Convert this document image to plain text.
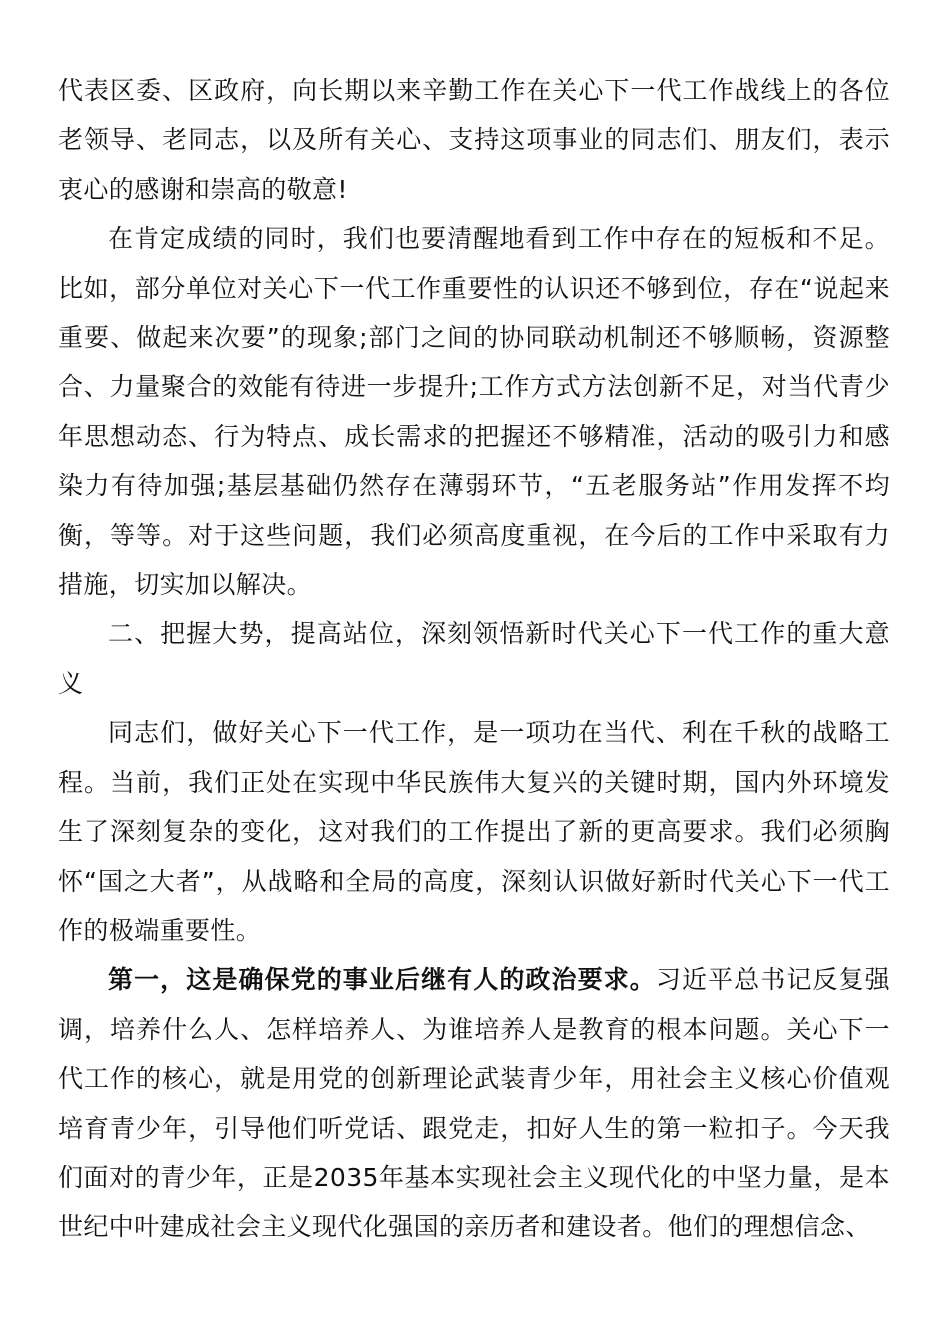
代表区委、区政府，向长期以来辛勤工作在关心下一代工作战线上的各位老领导、老同志，以及所有关心、支持这项事业的同志们、朋友们，表示衷心的感谢和崇高的敬意!

在肯定成绩的同时，我们也要清醒地看到工作中存在的短板和不足。比如，部分单位对关心下一代工作重要性的认识还不够到位，存在“说起来重要、做起来次要”的现象;部门之间的协同联动机制还不够顺畅，资源整合、力量聚合的效能有待进一步提升;工作方式方法创新不足，对当代青少年思想动态、行为特点、成长需求的把握还不够精准，活动的吸引力和感染力有待加强;基层基础仍然存在薄弱环节，“五老服务站”作用发挥不均衡，等等。对于这些问题，我们必须高度重视，在今后的工作中采取有力措施，切实加以解决。

二、把握大势，提高站位，深刻领悟新时代关心下一代工作的重大意义

同志们，做好关心下一代工作，是一项功在当代、利在千秋的战略工程。当前，我们正处在实现中华民族伟大复兴的关键时期，国内外环境发生了深刻复杂的变化，这对我们的工作提出了新的更高要求。我们必须胸怀“国之大者”，从战略和全局的高度，深刻认识做好新时代关心下一代工作的极端重要性。

第一，这是确保党的事业后继有人的政治要求。习近平总书记反复强调，培养什么人、怎样培养人、为谁培养人是教育的根本问题。关心下一代工作的核心，就是用党的创新理论武装青少年，用社会主义核心价值观培育青少年，引导他们听党话、跟党走，扣好人生的第一粒扣子。今天我们面对的青少年，正是2035年基本实现社会主义现代化的中坚力量，是本世纪中叶建成社会主义现代化强国的亲历者和建设者。他们的理想信念、
